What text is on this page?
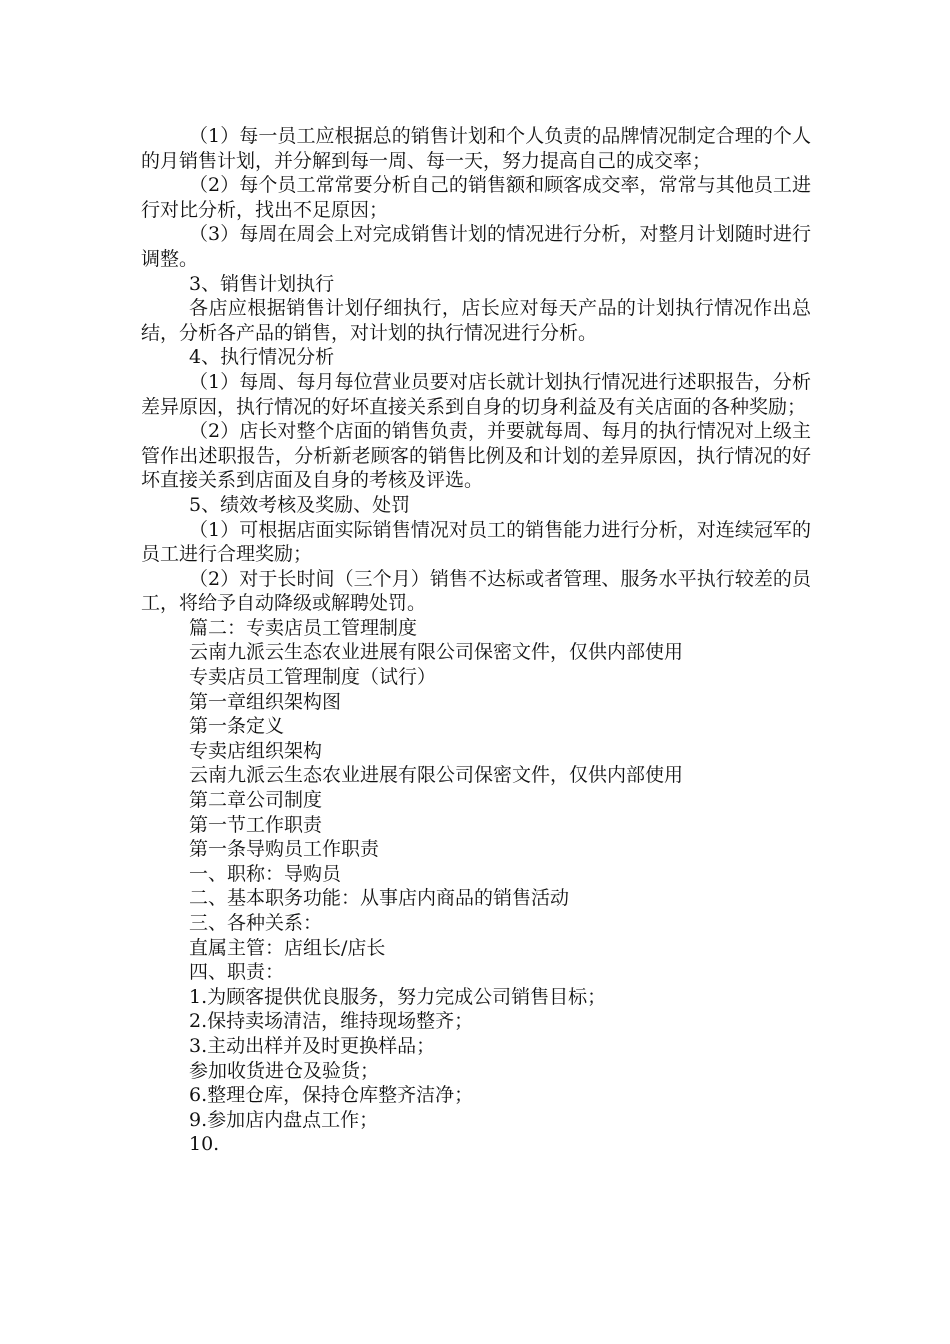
（1）每一员工应根据总的销售计划和个人负责的品牌情况制定合理的个人的月销售计划，并分解到每一周、每一天，努力提高自己的成交率；

（2）每个员工常常要分析自己的销售额和顾客成交率，常常与其他员工进行对比分析，找出不足原因；

（3）每周在周会上对完成销售计划的情况进行分析，对整月计划随时进行调整。

3、销售计划执行

各店应根据销售计划仔细执行，店长应对每天产品的计划执行情况作出总结，分析各产品的销售，对计划的执行情况进行分析。

4、执行情况分析

（1）每周、每月每位营业员要对店长就计划执行情况进行述职报告，分析差异原因，执行情况的好坏直接关系到自身的切身利益及有关店面的各种奖励；

（2）店长对整个店面的销售负责，并要就每周、每月的执行情况对上级主管作出述职报告，分析新老顾客的销售比例及和计划的差异原因，执行情况的好坏直接关系到店面及自身的考核及评选。

5、绩效考核及奖励、处罚

（1）可根据店面实际销售情况对员工的销售能力进行分析，对连续冠军的员工进行合理奖励；

（2）对于长时间（三个月）销售不达标或者管理、服务水平执行较差的员工，将给予自动降级或解聘处罚。

篇二：专卖店员工管理制度

云南九派云生态农业进展有限公司保密文件，仅供内部使用

专卖店员工管理制度（试行）

第一章组织架构图

第一条定义

专卖店组织架构

云南九派云生态农业进展有限公司保密文件，仅供内部使用

第二章公司制度

第一节工作职责

第一条导购员工作职责

一、职称：导购员

二、基本职务功能：从事店内商品的销售活动

三、各种关系：

直属主管：店组长/店长

四、职责：

1.为顾客提供优良服务，努力完成公司销售目标；

2.保持卖场清洁，维持现场整齐；

3.主动出样并及时更换样品；

参加收货进仓及验货；

6.整理仓库，保持仓库整齐洁净；

9.参加店内盘点工作；

10.
